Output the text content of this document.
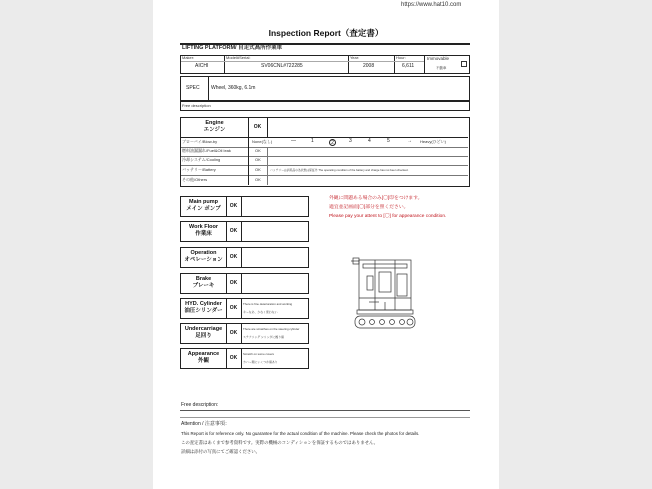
https://www.hat10.com
Inspection Report（査定書）
LIFTING PLATFORM/ 自走式高所作業車
Maker:
AICHI
Model#Serial:
SV06CNL#722285
Year:
2008
Hour:
6,611
Immovable
不動車
SPEC Wheel, 360kg, 6.1m
Free description
Engine
エンジン	OK
ブローバイ/Blow-by	None(なし)	―	1	2	3	4	5	→ Heavy(ひどい)
燃料油漏漏れ/Fuel&Oil leak	OK
冷却システム/Cooling	OK
バッテリー/Battery	OK	バッテリーは消耗品の為状態は保証外 The operating condition of the battery and charge has not been checked.
その他/Others	OK
外観に問題ある場合のみ[〇]印をつけます。
適宜並記画面[〇]部分を照ください。
Please pay your attent to [〇] for appearance condition.
Main pump
メイン ポンプ	OK
Work Floor
作業床	OK
Operation
オペレーション	OK
Brake
ブレーキ	OK
HYD. Cylinder
油圧シリンダー	OK
There is fine deterioration and working
キーなあ、少なく使わない
Undercarriage
足回り	OK
There are scratches on the steering cylinder
ステアリング シリンダに擦り傷
Appearance
外観	OK
Scratch on some covers
カバー類にいくつか傷あり
Free description:
Attention / 注意事項：
This Report is for reference only. No guarantee for the actual condition of the machine. Please check the photos for details.
この査定書はあくまで参考資料です。実際の機械のコンディションを保証するものではありません。
詳細は添付の写真にてご確認ください。
